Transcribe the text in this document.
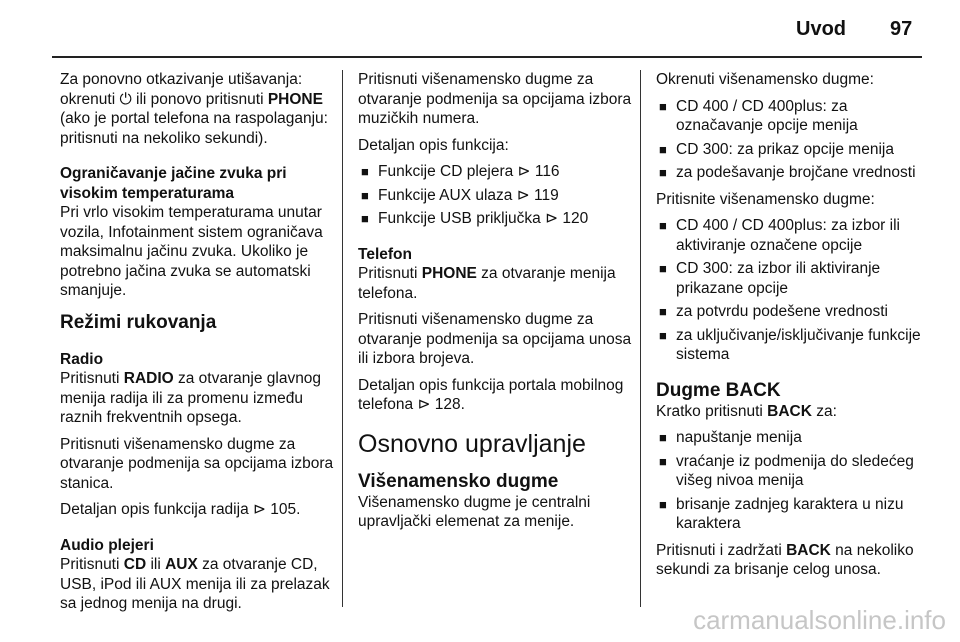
Uvod 97

Za ponovno otkazivanje utišavanja: okrenuti ⏻ ili ponovo pritisnuti PHONE (ako je portal telefona na raspolaganju: pritisnuti na nekoliko sekundi).

Ograničavanje jačine zvuka pri visokim temperaturama

Pri vrlo visokim temperaturama unutar vozila, Infotainment sistem ograničava maksimalnu jačinu zvuka. Ukoliko je potrebno jačina zvuka se automatski smanjuje.

Režimi rukovanja
Radio

Pritisnuti RADIO za otvaranje glavnog menija radija ili za promenu između raznih frekventnih opsega.

Pritisnuti višenamensko dugme za otvaranje podmenija sa opcijama izbora stanica.

Detaljan opis funkcija radija ⊳ 105.

Audio plejeri

Pritisnuti CD ili AUX za otvaranje CD, USB, iPod ili AUX menija ili za prelazak sa jednog menija na drugi.

Pritisnuti višenamensko dugme za otvaranje podmenija sa opcijama izbora muzičkih numera.

Detaljan opis funkcija:

■ Funkcije CD plejera ⊳ 116
■ Funkcije AUX ulaza ⊳ 119
■ Funkcije USB priključka ⊳ 120
Telefon

Pritisnuti PHONE za otvaranje menija telefona.

Pritisnuti višenamensko dugme za otvaranje podmenija sa opcijama unosa ili izbora brojeva.

Detaljan opis funkcija portala mobilnog telefona ⊳ 128.

Osnovno upravljanje
Višenamensko dugme

Višenamensko dugme je centralni upravljački elemenat za menije.

Okrenuti višenamensko dugme:

■ CD 400 / CD 400plus: za označavanje opcije menija
■ CD 300: za prikaz opcije menija
■ za podešavanje brojčane vrednosti

Pritisnite višenamensko dugme:

■ CD 400 / CD 400plus: za izbor ili aktiviranje označene opcije
■ CD 300: za izbor ili aktiviranje prikazane opcije
■ za potvrdu podešene vrednosti
■ za uključivanje/isključivanje funkcije sistema
Dugme BACK

Kratko pritisnuti BACK za:

■ napuštanje menija
■ vraćanje iz podmenija do sledećeg višeg nivoa menija
■ brisanje zadnjeg karaktera u nizu karaktera

Pritisnuti i zadržati BACK na nekoliko sekundi za brisanje celog unosa.

carmanualsonline.info
